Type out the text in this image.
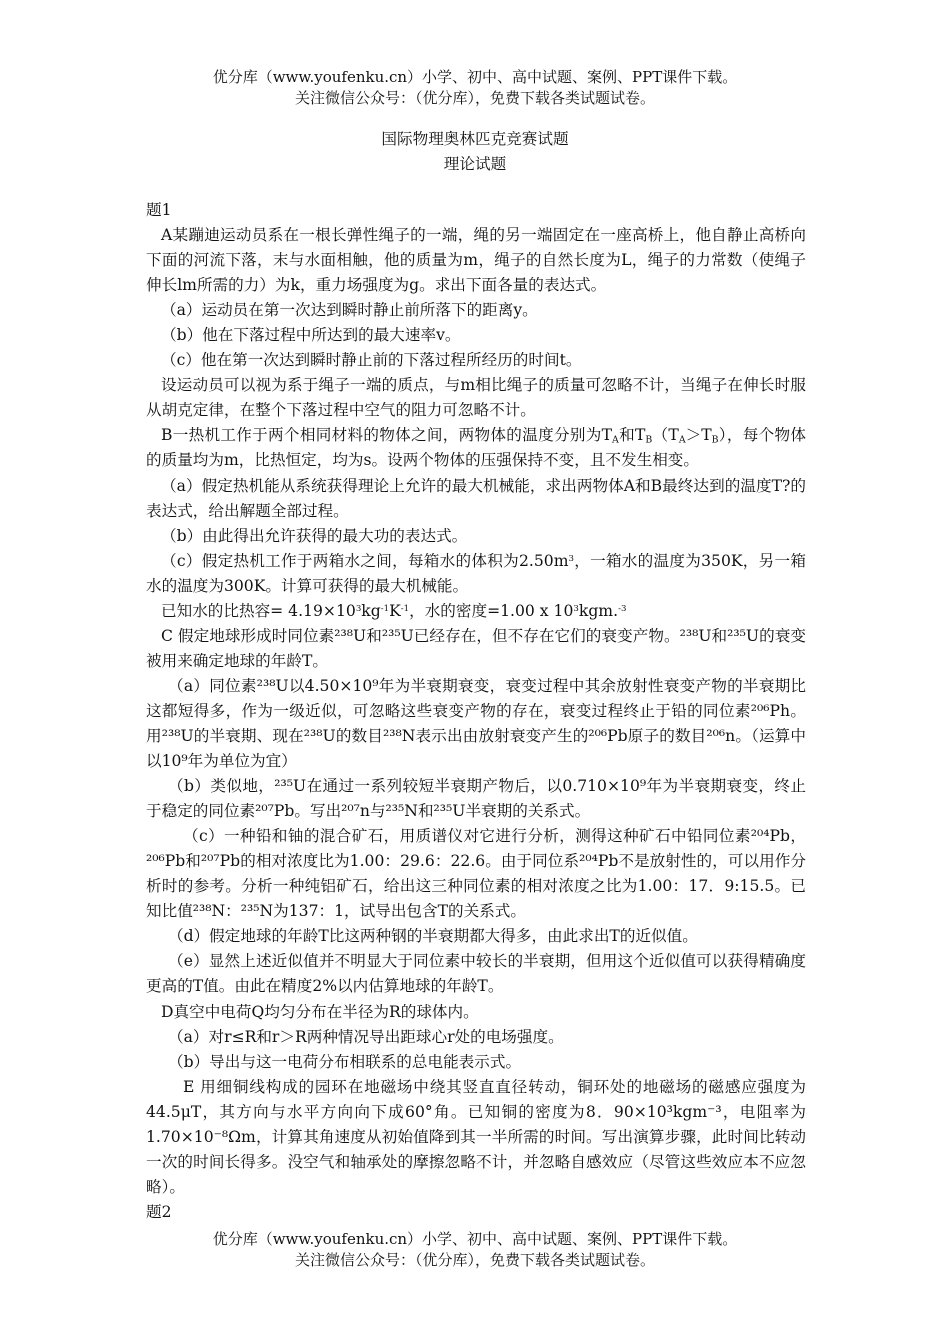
优分库（www.youfenku.cn）小学、初中、高中试题、案例、PPT课件下载。
关注微信公众号：（优分库），免费下载各类试题试卷。
国际物理奥林匹克竞赛试题
理论试题

题1

A某蹦迪运动员系在一根长弹性绳子的一端，绳的另一端固定在一座高桥上，他自静止高桥向下面的河流下落，末与水面相触，他的质量为m，绳子的自然长度为L，绳子的力常数（使绳子伸长lm所需的力）为k，重力场强度为g。求出下面各量的表达式。

（a）运动员在第一次达到瞬时静止前所落下的距离y。

（b）他在下落过程中所达到的最大速率v。

（c）他在第一次达到瞬时静止前的下落过程所经历的时间t。

设运动员可以视为系于绳子一端的质点，与m相比绳子的质量可忽略不计，当绳子在伸长时服从胡克定律，在整个下落过程中空气的阻力可忽略不计。

B一热机工作于两个相同材料的物体之间，两物体的温度分别为$T_A$和$T_B(T_A>T_B)$，每个物体的质量均为m，比热恒定，均为s。设两个物体的压强保持不变，且不发生相变。

（a）假定热机能从系统获得理论上允许的最大机械能，求出两物体A和B最终达到的温度T?的表达式，给出解题全部过程。

（b）由此得出允许获得的最大功的表达式。

（c）假定热机工作于两箱水之间，每箱水的体积为$2.50m^3$，一箱水的温度为350K，另一箱水的温度为300K。计算可获得的最大机械能。

已知水的比热容= $4.19\times 10^3kg^{-1}K^{-1}$，水的密度=1.00 x $10^3kgm.^{-3}$

C 假定地球形成时同位素²³⁸U和²³⁵U已经存在，但不存在它们的衰变产物。²³⁸U和²³⁵U的衰变被用来确定地球的年龄T。

（a）同位素²³⁸U以4.50×10⁹年为半衰期衰变，衰变过程中其余放射性衰变产物的半衰期比这都短得多，作为一级近似，可忽略这些衰变产物的存在，衰变过程终止于铅的同位素²⁰⁶Ph。用²³⁸U的半衰期、现在²³⁸U的数目²³⁸N表示出由放射衰变产生的²⁰⁶Pb原子的数目²⁰⁶n。（运算中以10⁹年为单位为宜）

（b）类似地，²³⁵U在通过一系列较短半衰期产物后，以0.710×10⁹年为半衰期衰变，终止于稳定的同位素²⁰⁷Pb。写出²⁰⁷n与²³⁵N和²³⁵U半衰期的关系式。

（c）一种铅和铀的混合矿石，用质谱仪对它进行分析，测得这种矿石中铅同位素²⁰⁴Pb，²⁰⁶Pb和²⁰⁷Pb的相对浓度比为1.00：29.6：22.6。由于同位系²⁰⁴Pb不是放射性的，可以用作分析时的参考。分析一种纯铝矿石，给出这三种同位素的相对浓度之比为1.00：17．9:15.5。已知比值²³⁸N：²³⁵N为137：1，试导出包含T的关系式。

（d）假定地球的年龄T比这两种钢的半衰期都大得多，由此求出T的近似值。

（e）显然上述近似值并不明显大于同位素中较长的半衰期，但用这个近似值可以获得精确度更高的T值。由此在精度2%以内估算地球的年龄T。

D真空中电荷Q均匀分布在半径为R的球体内。

（a）对r≤R和r＞R两种情况导出距球心r处的电场强度。

（b）导出与这一电荷分布相联系的总电能表示式。

E 用细铜线构成的园环在地磁场中绕其竖直直径转动，铜环处的地磁场的磁感应强度为44.5μT，其方向与水平方向向下成60°角。已知铜的密度为8．90×10³kgm⁻³，电阻率为1.70×10⁻⁸Ωm，计算其角速度从初始值降到其一半所需的时间。写出演算步骤，此时间比转动一次的时间长得多。没空气和轴承处的摩擦忽略不计，并忽略自感效应（尽管这些效应本不应忽略）。

题2

优分库（www.youfenku.cn）小学、初中、高中试题、案例、PPT课件下载。
关注微信公众号：（优分库），免费下载各类试题试卷。
